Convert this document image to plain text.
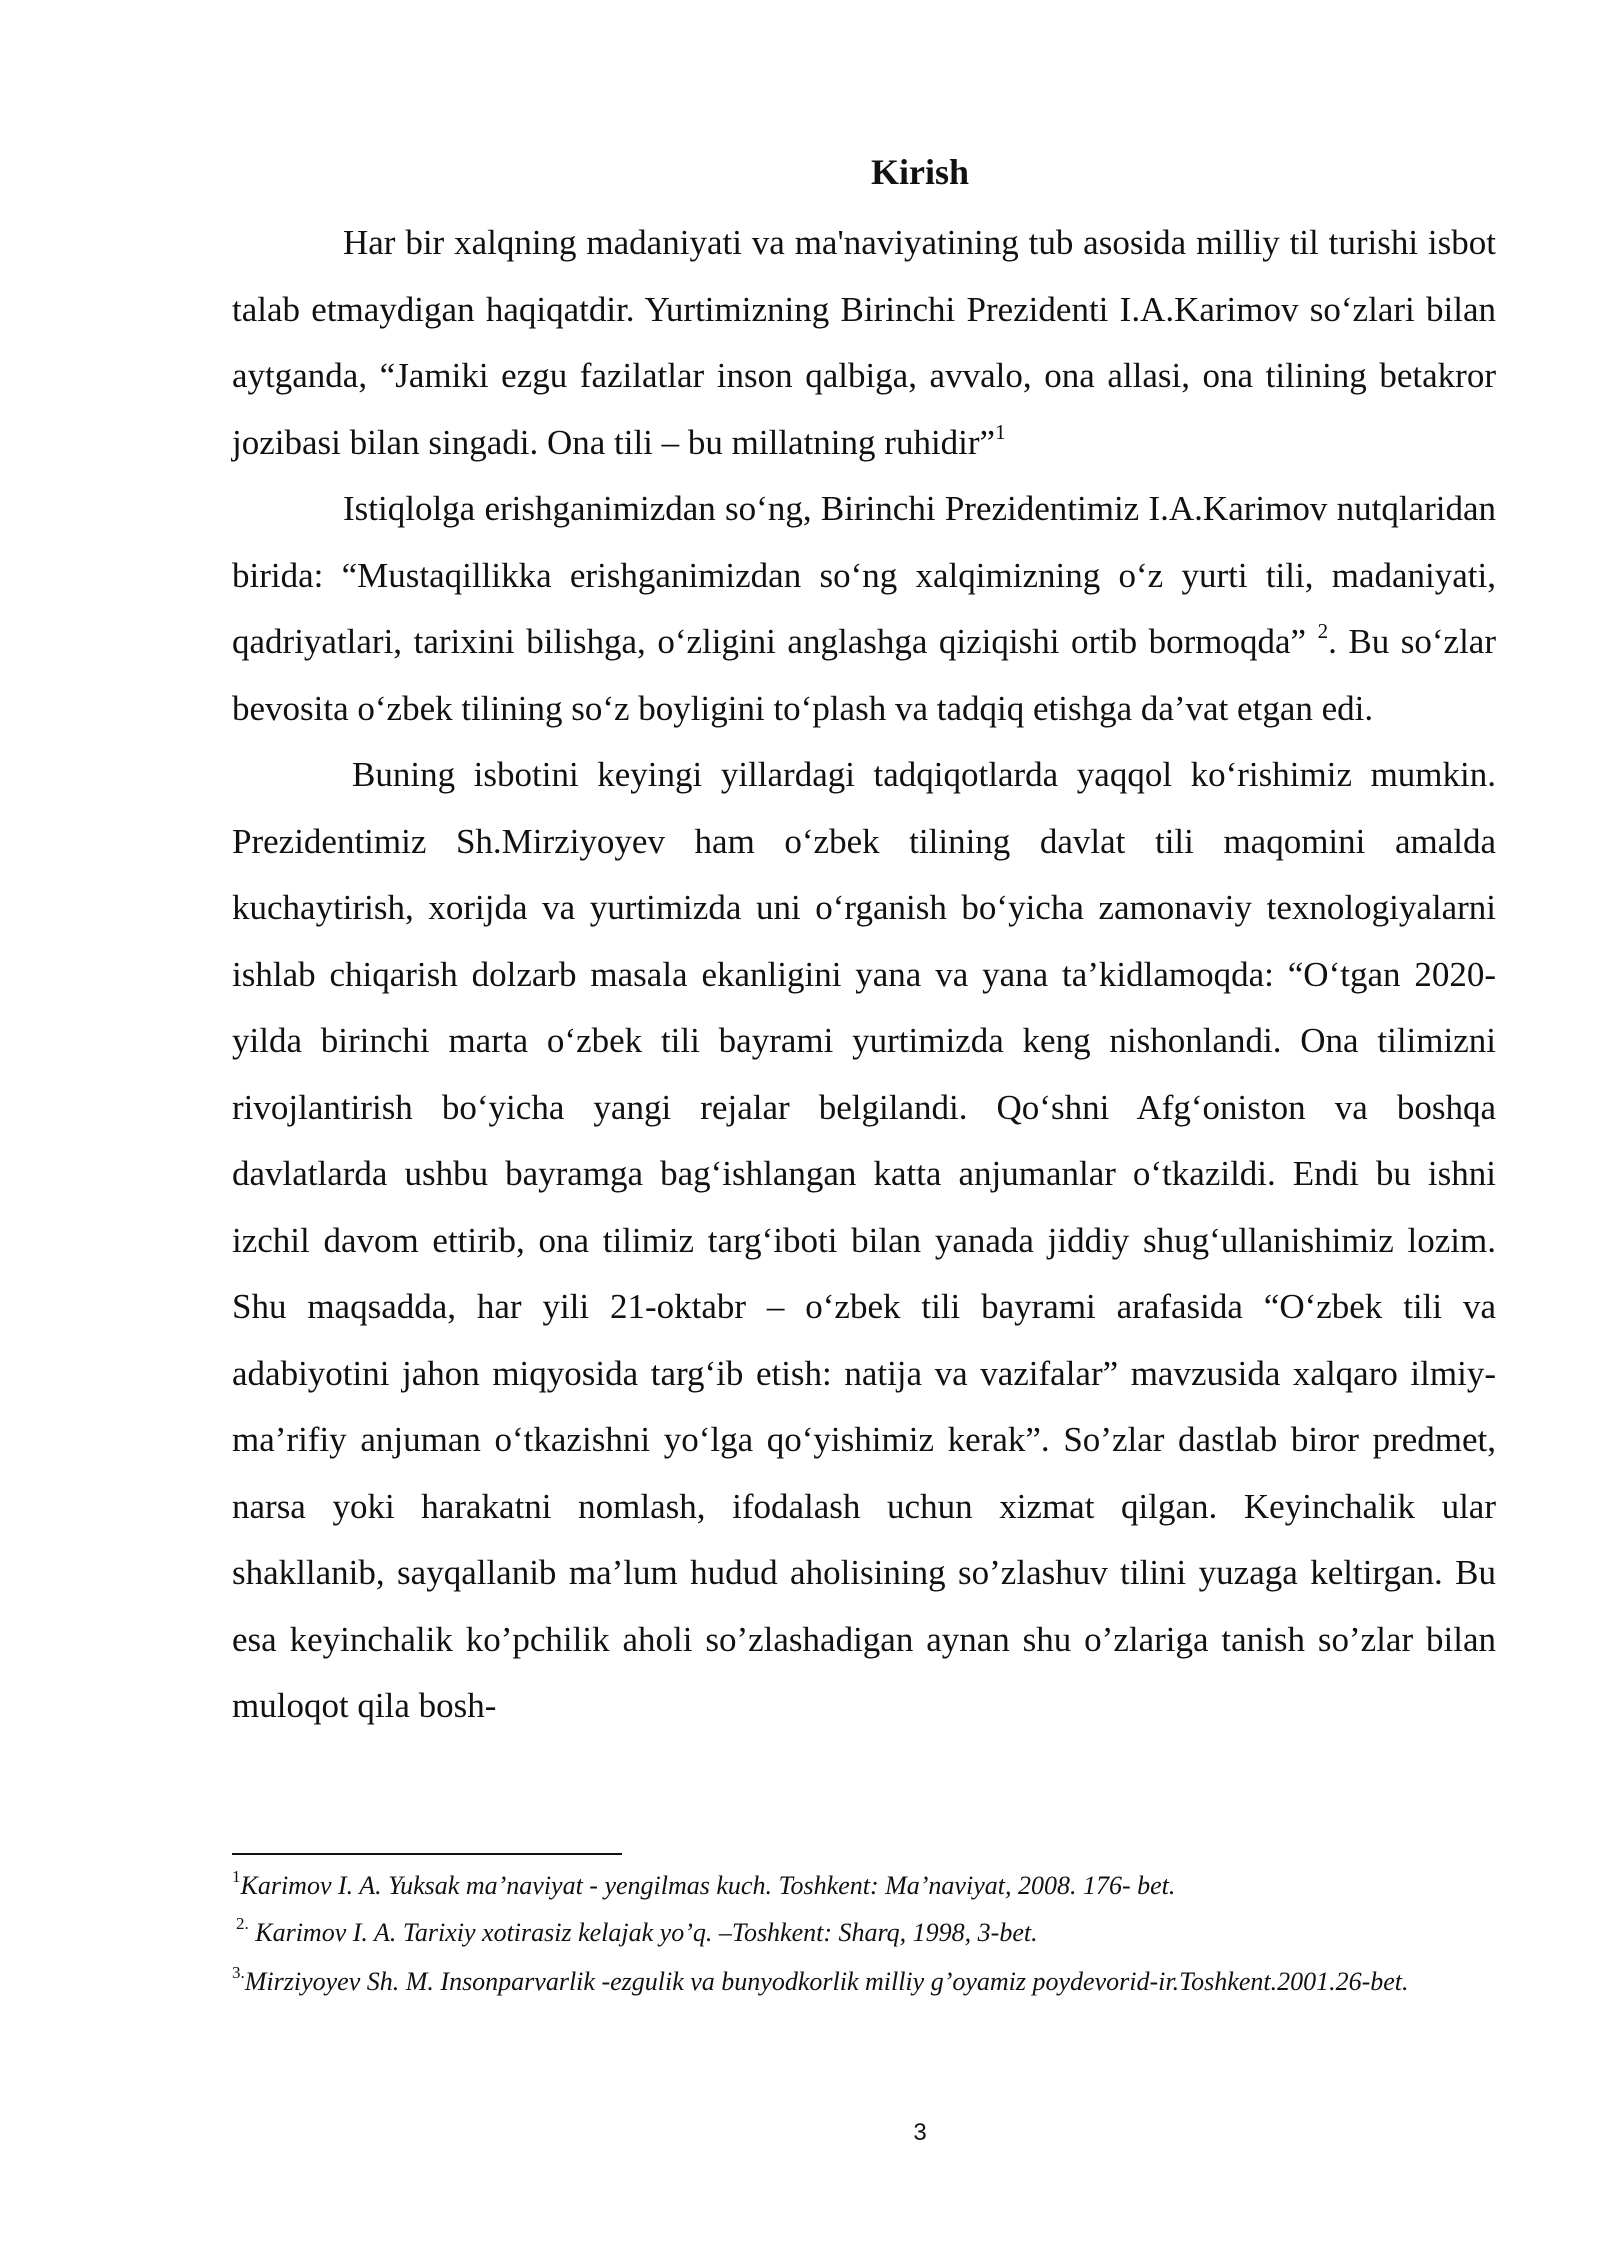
Kirish

Har bir xalqning madaniyati va ma'naviyatining tub asosida milliy til turishi isbot talab etmaydigan haqiqatdir. Yurtimizning Birinchi Prezidenti I.A.Karimov so‘zlari bilan aytganda, “Jamiki ezgu fazilatlar inson qalbiga, avvalo, ona allasi, ona tilining betakror jozibasi bilan singadi. Ona tili – bu millatning ruhidir”$^1$

Istiqlolga erishganimizdan so‘ng, Birinchi Prezidentimiz I.A.Karimov nutqlaridan birida: “Mustaqillikka erishganimizdan so‘ng xalqimizning o‘z yurti tili, madaniyati, qadriyatlari, tarixini bilishga, o‘zligini anglashga qiziqishi ortib bormoqda” $^2$. Bu so‘zlar bevosita o‘zbek tilining so‘z boyligini to‘plash va tadqiq etishga da’vat etgan edi.

Buning isbotini keyingi yillardagi tadqiqotlarda yaqqol ko‘rishimiz mumkin. Prezidentimiz Sh.Mirziyoyev ham o‘zbek tilining davlat tili maqomini amalda kuchaytirish, xorijda va yurtimizda uni o‘rganish bo‘yicha zamonaviy texnologiyalarni ishlab chiqarish dolzarb masala ekanligini yana va yana ta’kidlamoqda: “O‘tgan 2020-yilda birinchi marta o‘zbek tili bayrami yurtimizda keng nishonlandi. Ona tilimizni rivojlantirish bo‘yicha yangi rejalar belgilandi. Qo‘shni Afg‘oniston va boshqa davlatlarda ushbu bayramga bag‘ishlangan katta anjumanlar o‘tkazildi. Endi bu ishni izchil davom ettirib, ona tilimiz targ‘iboti bilan yanada jiddiy shug‘ullanishimiz lozim. Shu maqsadda, har yili 21-oktabr – o‘zbek tili bayrami arafasida “O‘zbek tili va adabiyotini jahon miqyosida targ‘ib etish: natija va vazifalar” mavzusida xalqaro ilmiy-ma’rifiy anjuman o‘tkazishni yo‘lga qo‘yishimiz kerak”. So’zlar dastlab biror predmet, narsa yoki harakatni nomlash, ifodalash uchun xizmat qilgan. Keyinchalik ular shakllanib, sayqallanib ma’lum hudud aholisining so’zlashuv tilini yuzaga keltirgan. Bu esa keyinchalik ko’pchilik aholi so’zlashadigan aynan shu o’zlariga tanish so’zlar bilan muloqot qila bosh-

$^1$Karimov I. A. Yuksak ma’naviyat - yengilmas kuch. Toshkent: Ma’naviyat, 2008. 176- bet.

$^{2.}$ Karimov I. A. Tarixiy xotirasiz kelajak yo’q. –Toshkent: Sharq, 1998, 3-bet.

$^{3.}$Mirziyoyev Sh. M. Insonparvarlik -ezgulik va bunyodkorlik milliy g’oyamiz poydevorid-ir.Toshkent.2001.26-bet.

3
